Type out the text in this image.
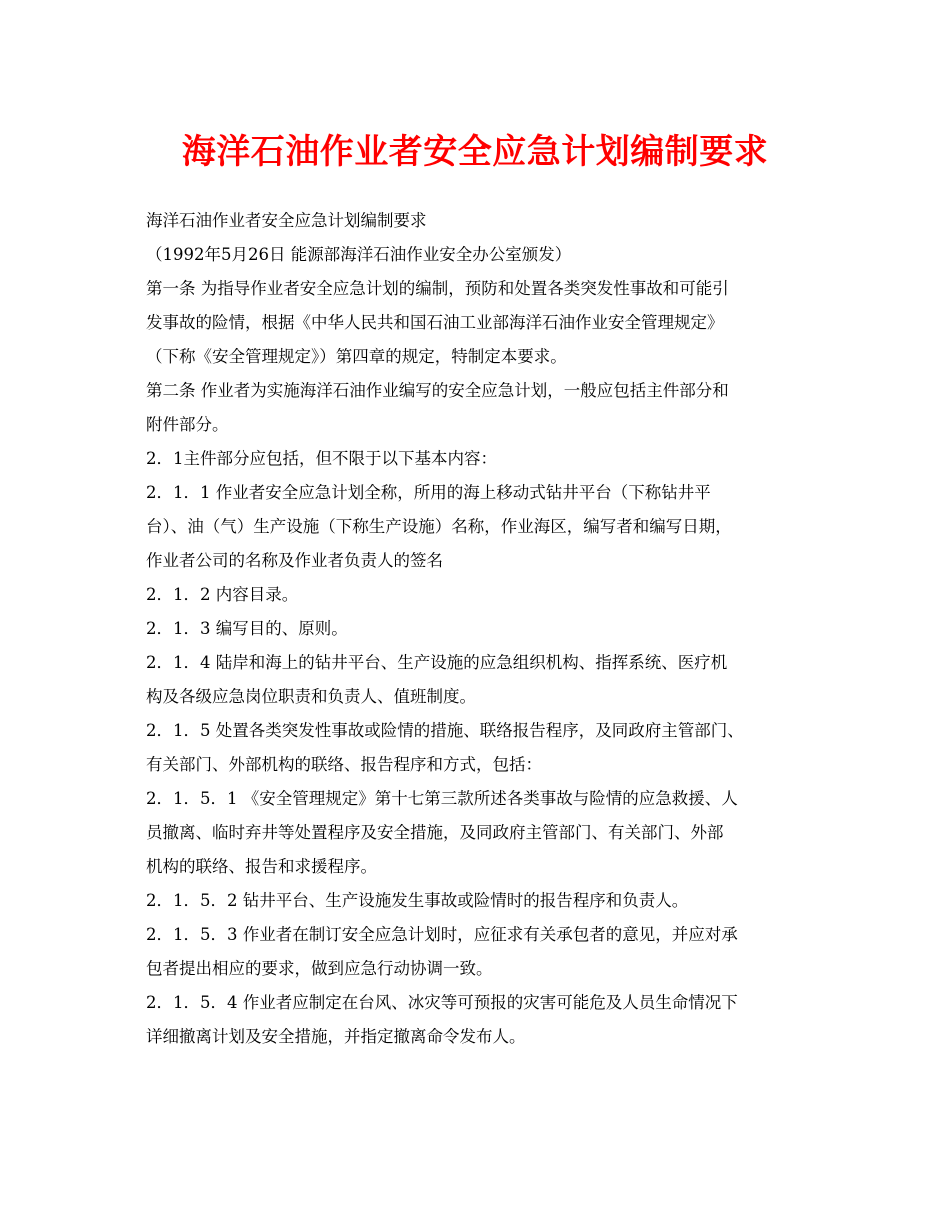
海洋石油作业者安全应急计划编制要求
海洋石油作业者安全应急计划编制要求
（1992年5月26日 能源部海洋石油作业安全办公室颁发）
第一条 为指导作业者安全应急计划的编制，预防和处置各类突发性事故和可能引
发事故的险情，根据《中华人民共和国石油工业部海洋石油作业安全管理规定》
（下称《安全管理规定》）第四章的规定，特制定本要求。
第二条 作业者为实施海洋石油作业编写的安全应急计划，一般应包括主件部分和
附件部分。
2．1主件部分应包括，但不限于以下基本内容：
2．1．1 作业者安全应急计划全称，所用的海上移动式钻井平台（下称钻井平
台）、油（气）生产设施（下称生产设施）名称，作业海区，编写者和编写日期，
作业者公司的名称及作业者负责人的签名
2．1．2 内容目录。
2．1．3 编写目的、原则。
2．1．4 陆岸和海上的钻井平台、生产设施的应急组织机构、指挥系统、医疗机
构及各级应急岗位职责和负责人、值班制度。
2．1．5 处置各类突发性事故或险情的措施、联络报告程序，及同政府主管部门、
有关部门、外部机构的联络、报告程序和方式，包括：
2．1．5．1 《安全管理规定》第十七第三款所述各类事故与险情的应急救援、人
员撤离、临时弃井等处置程序及安全措施，及同政府主管部门、有关部门、外部
机构的联络、报告和求援程序。
2．1．5．2 钻井平台、生产设施发生事故或险情时的报告程序和负责人。
2．1．5．3 作业者在制订安全应急计划时，应征求有关承包者的意见，并应对承
包者提出相应的要求，做到应急行动协调一致。
2．1．5．4 作业者应制定在台风、冰灾等可预报的灾害可能危及人员生命情况下
详细撤离计划及安全措施，并指定撤离命令发布人。
